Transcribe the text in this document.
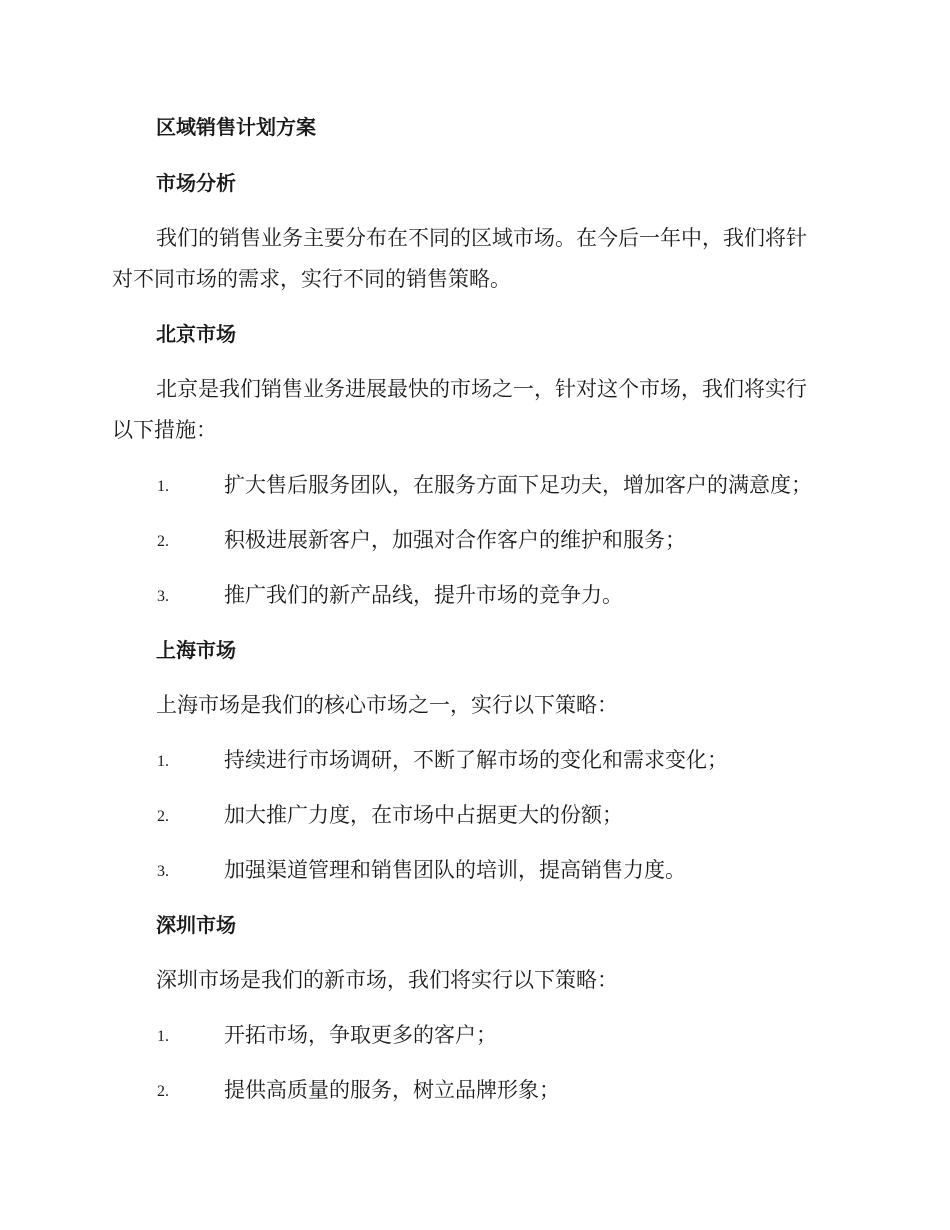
区域销售计划方案
市场分析
我们的销售业务主要分布在不同的区域市场。在今后一年中，我们将针
对不同市场的需求，实行不同的销售策略。
北京市场
北京是我们销售业务进展最快的市场之一，针对这个市场，我们将实行
以下措施：
1.	扩大售后服务团队，在服务方面下足功夫，增加客户的满意度；
2.	积极进展新客户，加强对合作客户的维护和服务；
3.	推广我们的新产品线，提升市场的竞争力。
上海市场
上海市场是我们的核心市场之一，实行以下策略：
1.	持续进行市场调研，不断了解市场的变化和需求变化；
2.	加大推广力度，在市场中占据更大的份额；
3.	加强渠道管理和销售团队的培训，提高销售力度。
深圳市场
深圳市场是我们的新市场，我们将实行以下策略：
1.	开拓市场，争取更多的客户；
2.	提供高质量的服务，树立品牌形象；
